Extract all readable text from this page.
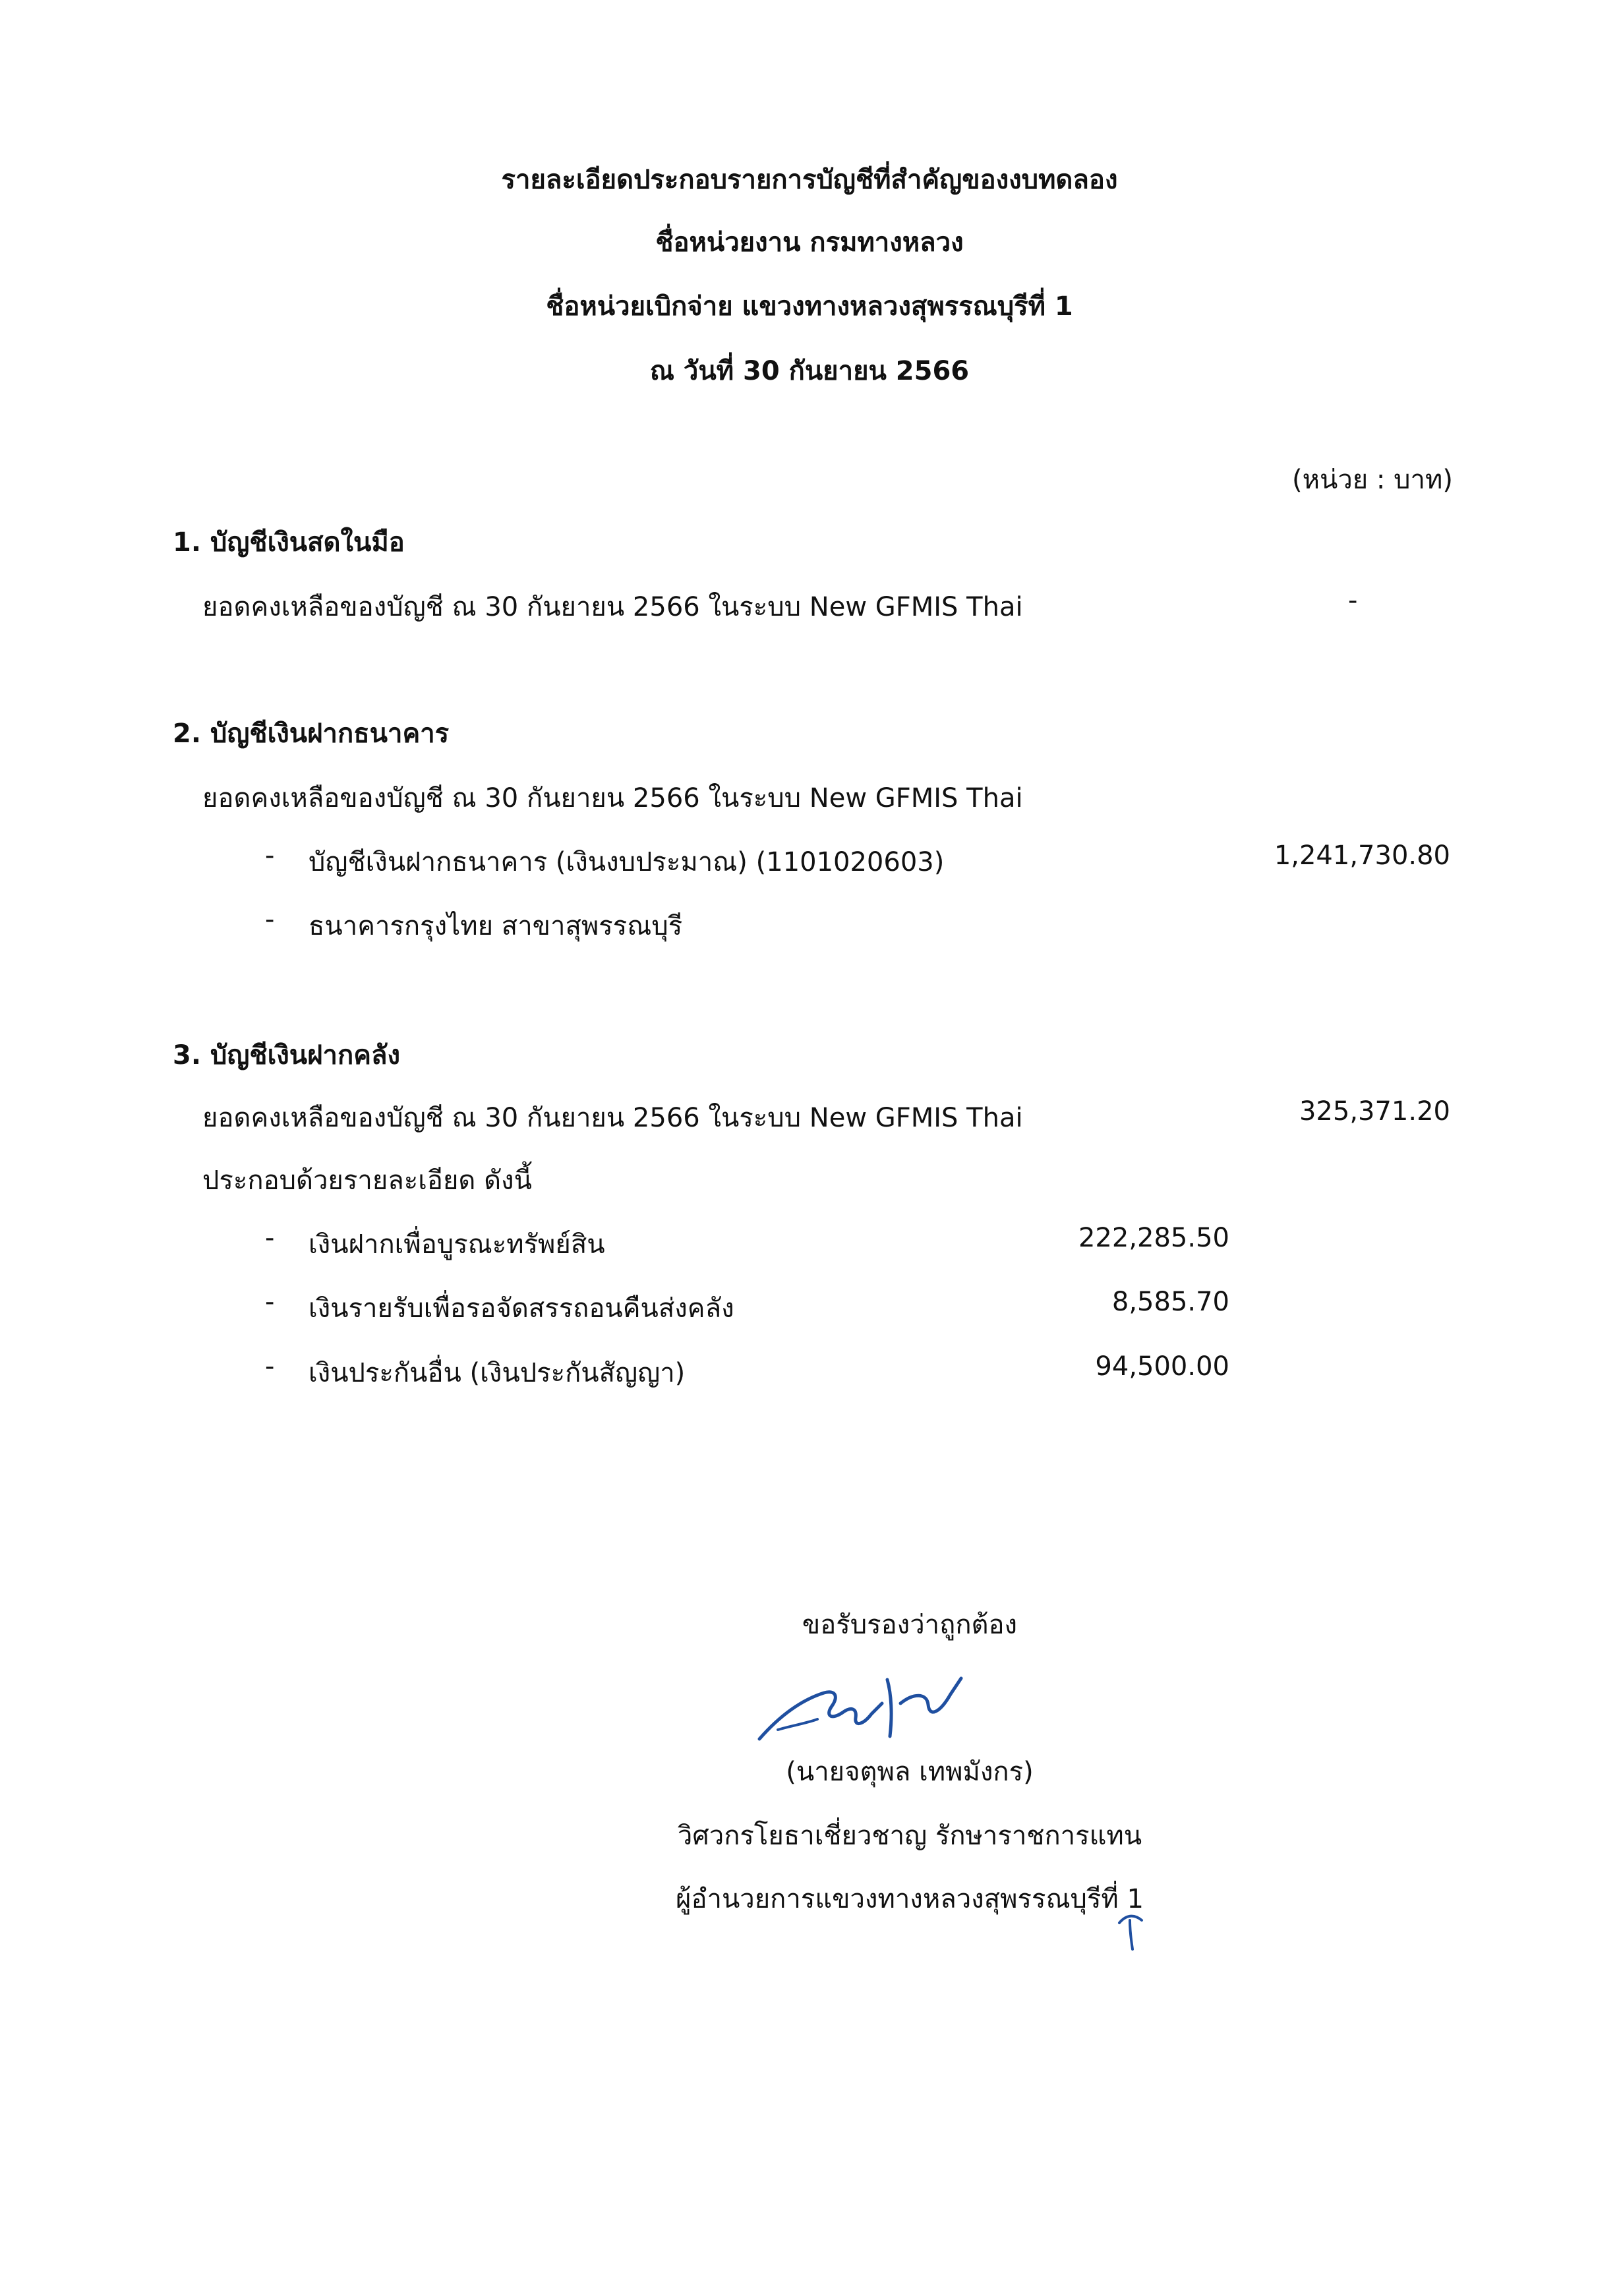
รายละเอียดประกอบรายการบัญชีที่สำคัญของงบทดลอง
ชื่อหน่วยงาน กรมทางหลวง
ชื่อหน่วยเบิกจ่าย แขวงทางหลวงสุพรรณบุรีที่ 1
ณ วันที่ 30 กันยายน 2566
(หน่วย : บาท)
1. บัญชีเงินสดในมือ
ยอดคงเหลือของบัญชี ณ 30 กันยายน 2566 ในระบบ New GFMIS Thai	-
2. บัญชีเงินฝากธนาคาร
ยอดคงเหลือของบัญชี ณ 30 กันยายน 2566 ในระบบ New GFMIS Thai
- บัญชีเงินฝากธนาคาร (เงินงบประมาณ) (1101020603)	1,241,730.80
- ธนาคารกรุงไทย สาขาสุพรรณบุรี
3. บัญชีเงินฝากคลัง
ยอดคงเหลือของบัญชี ณ 30 กันยายน 2566 ในระบบ New GFMIS Thai	325,371.20
ประกอบด้วยรายละเอียด ดังนี้
- เงินฝากเพื่อบูรณะทรัพย์สิน	222,285.50
- เงินรายรับเพื่อรอจัดสรรถอนคืนส่งคลัง	8,585.70
- เงินประกันอื่น (เงินประกันสัญญา)	94,500.00
ขอรับรองว่าถูกต้อง
(นายจตุพล เทพมังกร)
วิศวกรโยธาเชี่ยวชาญ รักษาราชการแทน
ผู้อำนวยการแขวงทางหลวงสุพรรณบุรีที่ 1
